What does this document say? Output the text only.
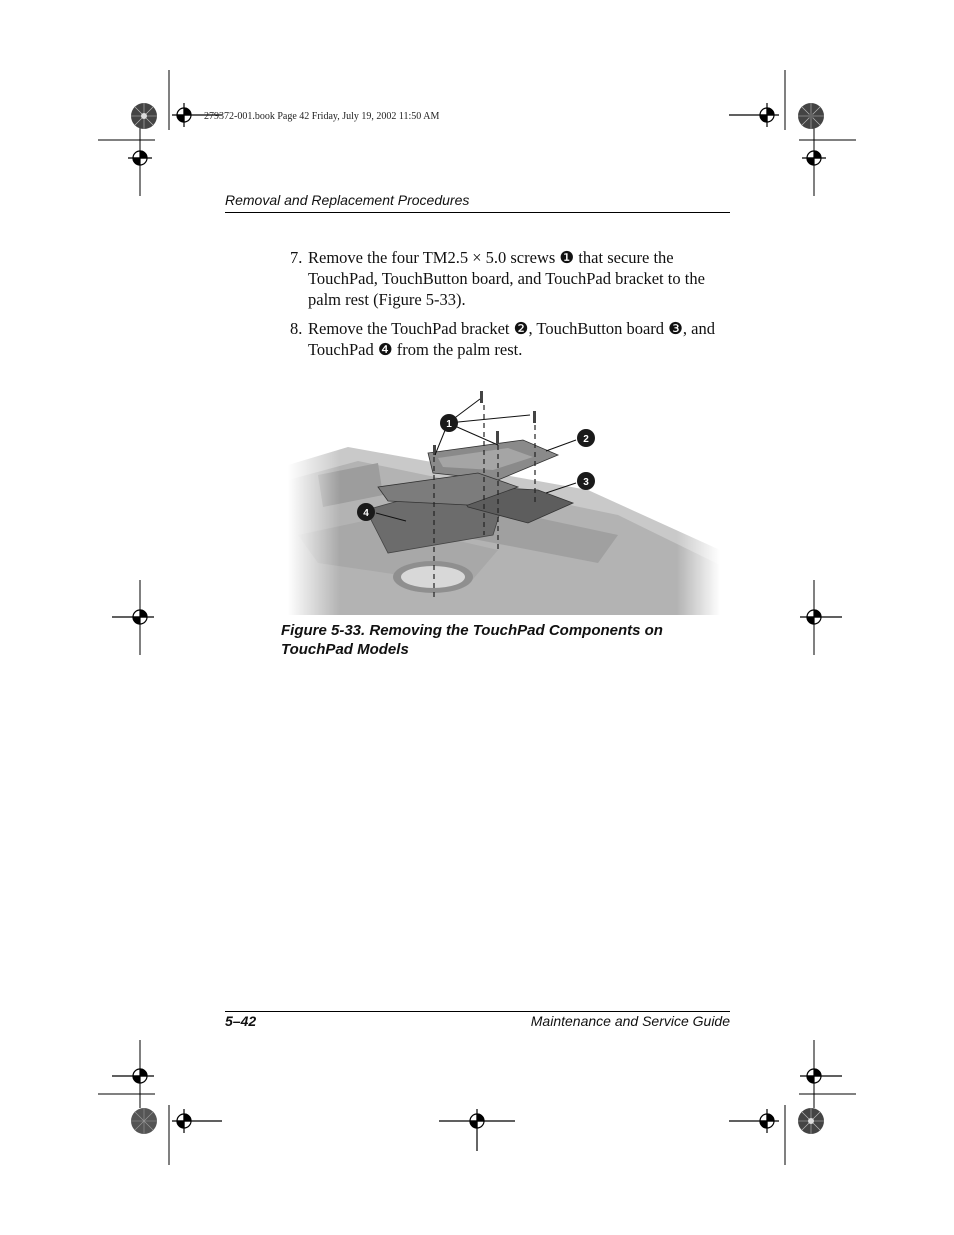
279372-001.book Page 42 Friday, July 19, 2002 11:50 AM
Removal and Replacement Procedures
7. Remove the four TM2.5 × 5.0 screws ❶ that secure the
TouchPad, TouchButton board, and TouchPad bracket to the
palm rest (Figure 5-33).
8. Remove the TouchPad bracket ❷, TouchButton board ❸, and
TouchPad ❹ from the palm rest.
Figure 5-33. Removing the TouchPad Components on
TouchPad Models
5–42	Maintenance and Service Guide
